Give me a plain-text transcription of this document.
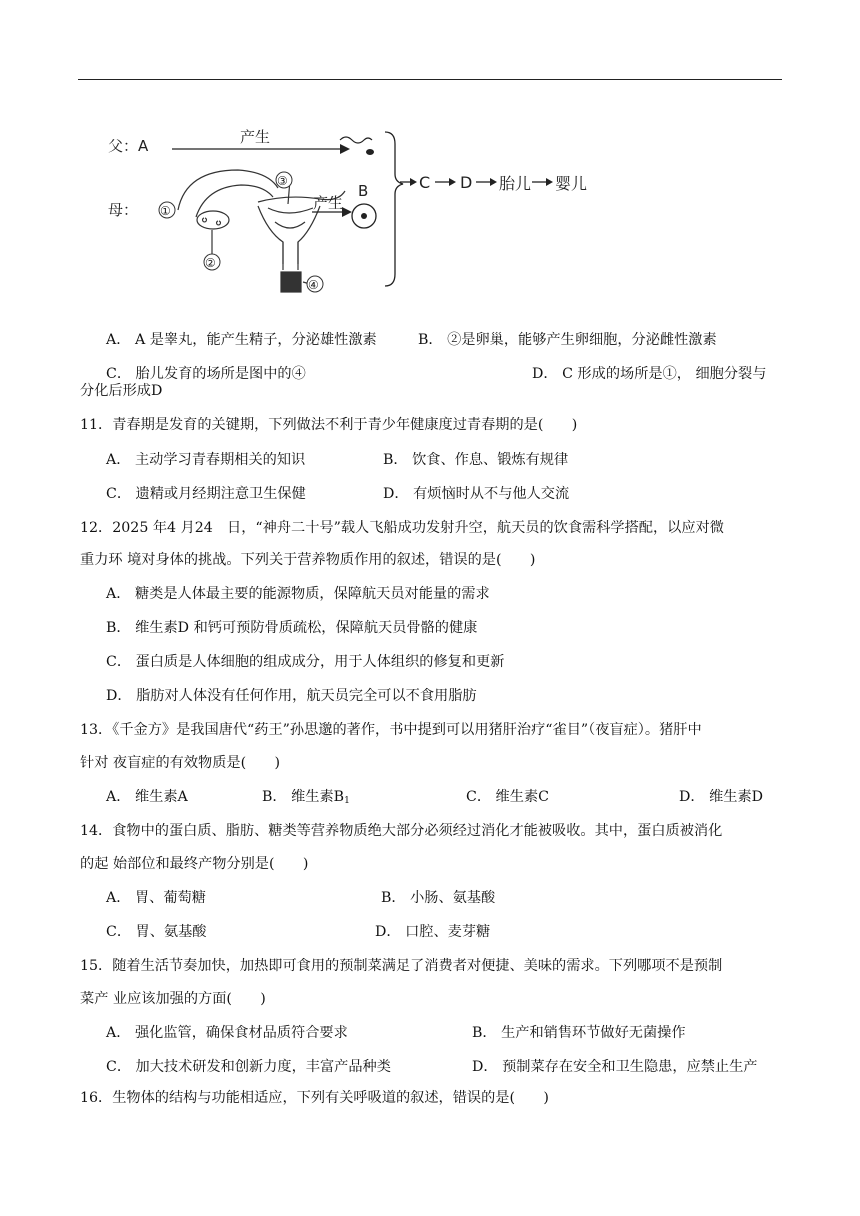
父：A	产生
母： ①
③
②
④
产生
B	C D 胎儿 婴儿
A． A 是睾丸，能产生精子，分泌雄性激素	B． ②是卵巢，能够产生卵细胞，分泌雌性激素
C． 胎儿发育的场所是图中的④	D． C 形成的场所是①， 细胞分裂与
分化后形成D
11．青春期是发育的关键期，下列做法不利于青少年健康度过青春期的是(　　)
A． 主动学习青春期相关的知识	B． 饮食、作息、锻炼有规律
C． 遗精或月经期注意卫生保健	D． 有烦恼时从不与他人交流
12．2025 年4 月24　日，“神舟二十号”载人飞船成功发射升空，航天员的饮食需科学搭配，以应对微
重力环 境对身体的挑战。下列关于营养物质作用的叙述，错误的是(　　)
A． 糖类是人体最主要的能源物质，保障航天员对能量的需求
B． 维生素D 和钙可预防骨质疏松，保障航天员骨骼的健康
C． 蛋白质是人体细胞的组成成分，用于人体组织的修复和更新
D． 脂肪对人体没有任何作用，航天员完全可以不食用脂肪
13．《千金方》是我国唐代“药王”孙思邈的著作，书中提到可以用猪肝治疗“雀目”（夜盲症）。猪肝中
针对 夜盲症的有效物质是(　　)
A． 维生素A	B． 维生素$B_1$	C． 维生素C	D． 维生素D
14．食物中的蛋白质、脂肪、糖类等营养物质绝大部分必须经过消化才能被吸收。其中，蛋白质被消化
的起 始部位和最终产物分别是(　　)
A． 胃、葡萄糖	B． 小肠、氨基酸
C． 胃、氨基酸	D． 口腔、麦芽糖
15．随着生活节奏加快，加热即可食用的预制菜满足了消费者对便捷、美味的需求。下列哪项不是预制
菜产 业应该加强的方面(　　)
A． 强化监管，确保食材品质符合要求	B． 生产和销售环节做好无菌操作
C． 加大技术研发和创新力度，丰富产品种类	D． 预制菜存在安全和卫生隐患，应禁止生产
16．生物体的结构与功能相适应，下列有关呼吸道的叙述，错误的是(　　)
